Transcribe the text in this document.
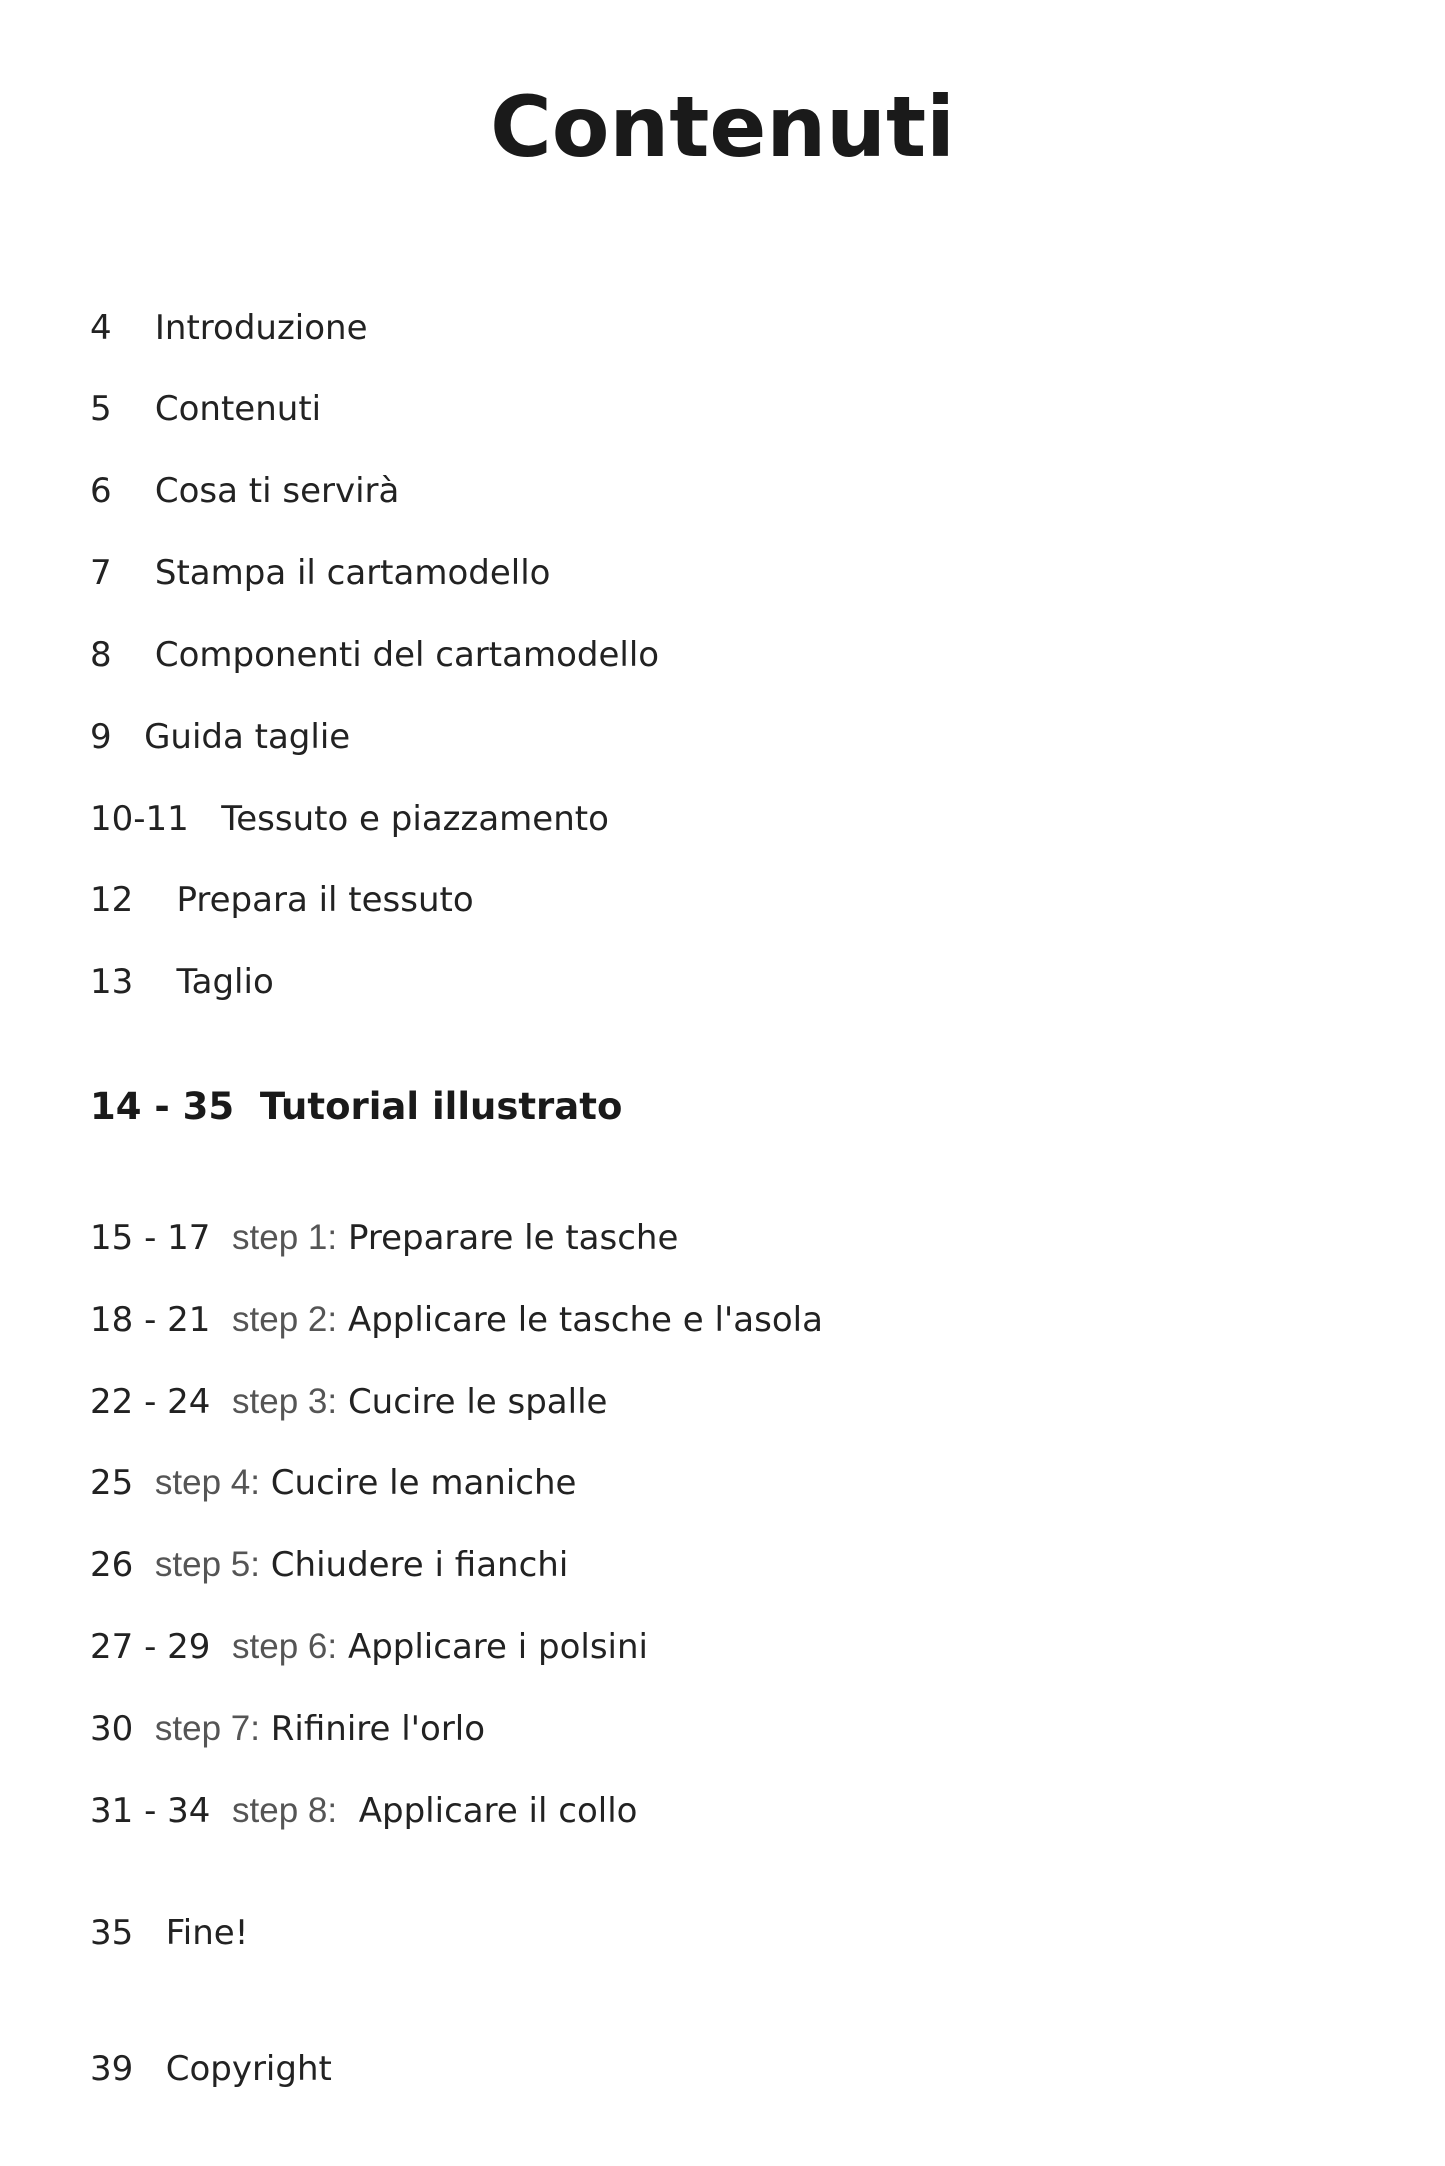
Contenuti
4 Introduzione
5 Contenuti
6 Cosa ti servirà
7 Stampa il cartamodello
8 Componenti del cartamodello
9 Guida taglie
10-11 Tessuto e piazzamento
12 Prepara il tessuto
13 Taglio
14 - 35 Tutorial illustrato
15 - 17 step 1: Preparare le tasche
18 - 21 step 2: Applicare le tasche e l'asola
22 - 24 step 3: Cucire le spalle
25 step 4: Cucire le maniche
26 step 5: Chiudere i fianchi
27 - 29 step 6: Applicare i polsini
30 step 7: Rifinire l'orlo
31 - 34 step 8: Applicare il collo
35 Fine!
39 Copyright
